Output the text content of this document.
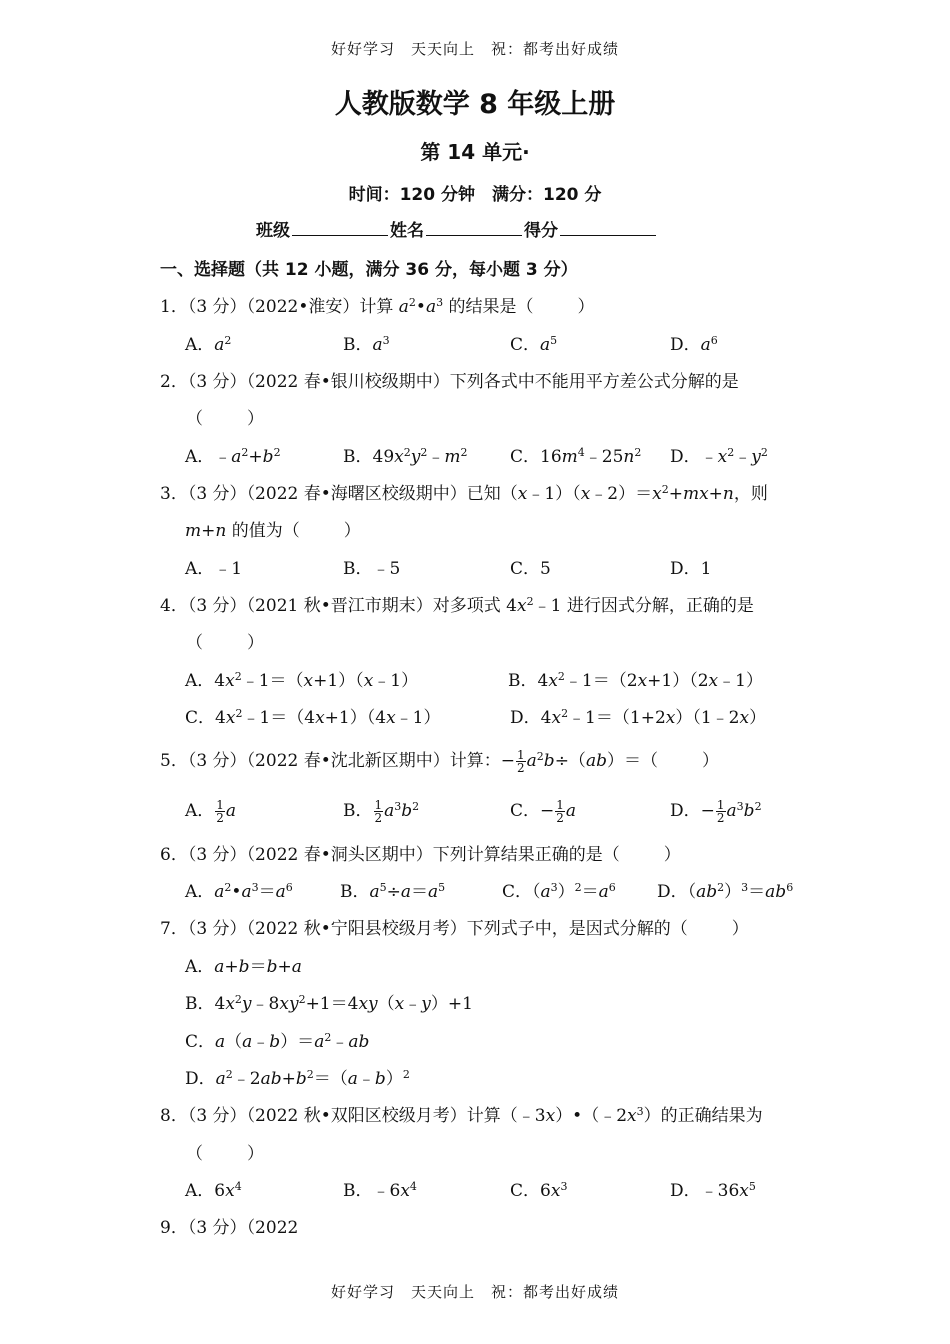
好好学习　天天向上　祝：都考出好成绩
人教版数学 8 年级上册
第 14 单元·
时间：120 分钟　满分：120 分
班级	姓名	得分
一、选择题（共 12 小题，满分 36 分，每小题 3 分）
1．（3 分）（2022•淮安）计算 $a^2•a^3$ 的结果是（	）
A．$a^2$	B．$a^3$	C．$a^5$	D．$a^6$
2．（3 分）（2022 春•银川校级期中）下列各式中不能用平方差公式分解的是
（	）
A．$﹣a^2+b^2$	B．$49x^2y^2﹣m^2$	C．$16m^4﹣25n^2$ D．$﹣x^2﹣y^2$
3．（3 分）（2022 春•海曙区校级期中）已知$(x﹣1)(x﹣2)=x^2+mx+n$，则
m+n 的值为（	）
A．﹣1	B．﹣5	C．5	D．1
4．（3 分）（2021 秋•晋江市期末）对多项式 $4x^2﹣1$ 进行因式分解，正确的是
（	）
A．$4x^2﹣1=(x+1)(x﹣1)$	B．$4x^2﹣1=(2x+1)(2x﹣1)$
C．$4x^2﹣1=(4x+1)(4x﹣1)$	D．$4x^2﹣1=(1+2x)(1﹣2x)$
5．（3 分）（2022 春•沈北新区期中）计算：− $\frac{1}{2} a^2b\div(ab)=$（	）
A． $\frac{1}{2}$ a	B． $\frac{1}{2} a^3b^2$	C．− $\frac{1}{2}$ a	D．− $\frac{1}{2} a^3b^2$
6．（3 分）（2022 春•洞头区期中）下列计算结果正确的是（	）
A．$a^2•a^3=a^6$	B．$a^5\div a=a^5$	C．$(a^3)^2=a^6$ D．$(ab^2)^3=ab^6$
7．（3 分）（2022 秋•宁阳县校级月考）下列式子中，是因式分解的（	）
A．a+b＝b+a
B．$4x^2y﹣8xy^2+1=4xy(x﹣y)+1$
C．$a(a﹣b)=a^2﹣ab$
D．$a^2﹣2ab+b^2=(a﹣b)^2$
8．（3 分）（2022 秋•双阳区校级月考）计算$(﹣3x)•(﹣2x^3)$的正确结果为
（	）
A．$6x^4$	B．$﹣6x^4$	C．$6x^3$	D．$﹣36x^5$
9．（3 分）（2022
好好学习　天天向上　祝：都考出好成绩
